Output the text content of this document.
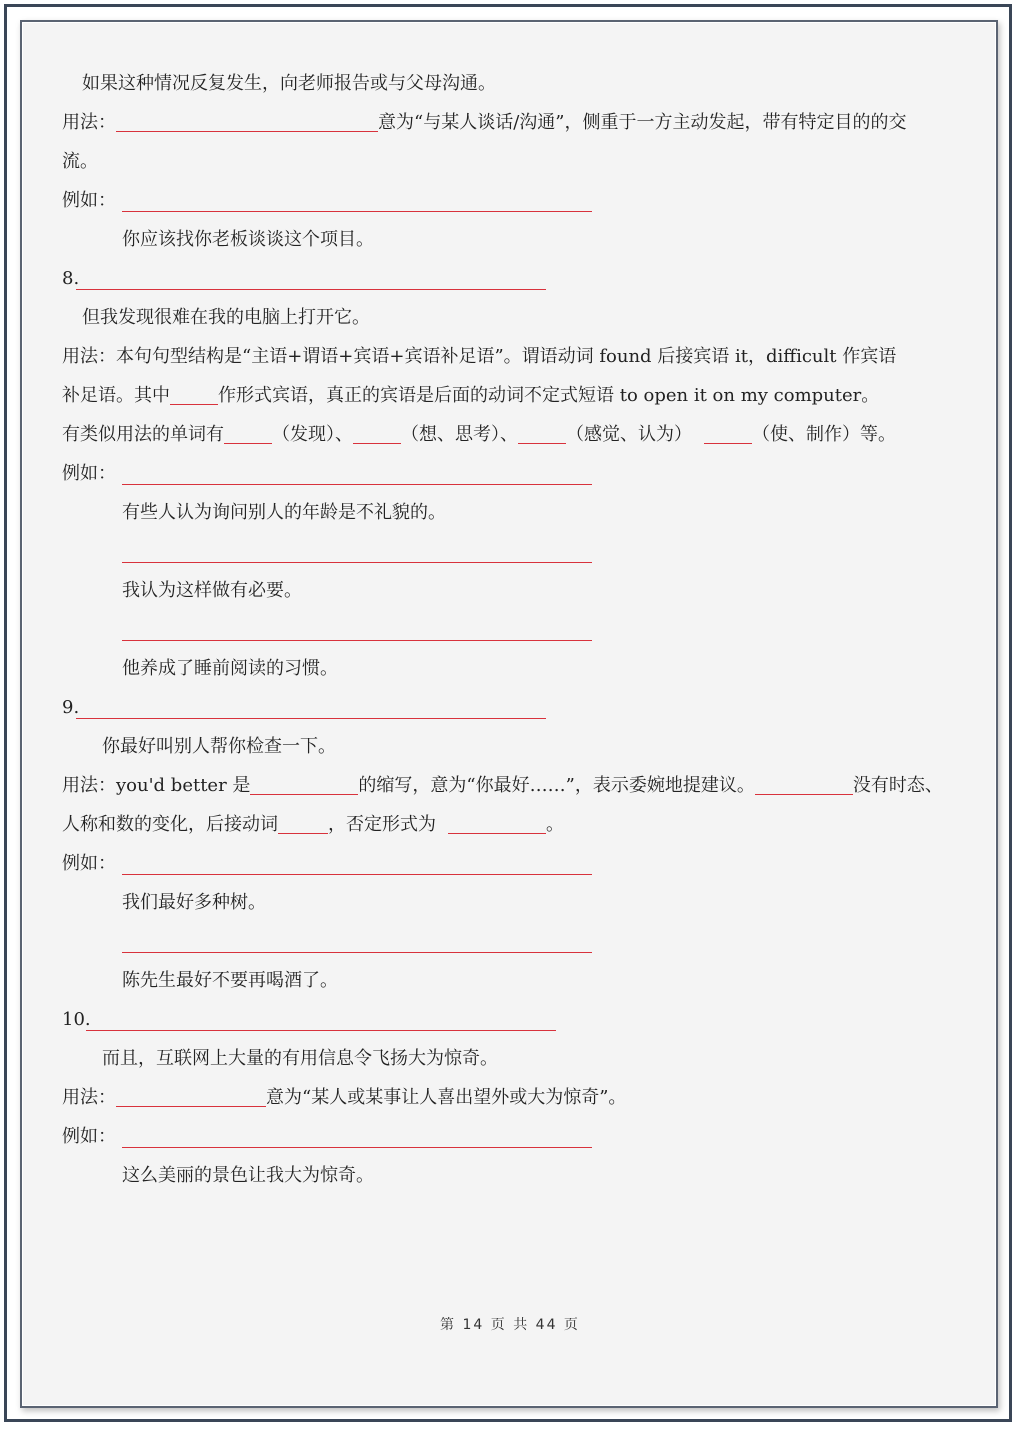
如果这种情况反复发生，向老师报告或与父母沟通。
用法：	意为“与某人谈话/沟通”，侧重于一方主动发起，带有特定目的的交
流。
例如：
你应该找你老板谈谈这个项目。
8.
但我发现很难在我的电脑上打开它。
用法：本句句型结构是“主语+谓语+宾语+宾语补足语”。谓语动词 found 后接宾语 it，difficult 作宾语
补足语。其中	作形式宾语，真正的宾语是后面的动词不定式短语 to open it on my computer。
有类似用法的单词有	（发现）、	（想、思考）、	（感觉、认为）	（使、制作）等。
例如：
有些人认为询问别人的年龄是不礼貌的。
我认为这样做有必要。
他养成了睡前阅读的习惯。
9.
你最好叫别人帮你检查一下。
用法：you'd better 是	的缩写，意为“你最好……”，表示委婉地提建议。	没有时态、
人称和数的变化，后接动词	，否定形式为	。
例如：
我们最好多种树。
陈先生最好不要再喝酒了。
10.
而且，互联网上大量的有用信息令飞扬大为惊奇。
用法：	意为“某人或某事让人喜出望外或大为惊奇”。
例如：
这么美丽的景色让我大为惊奇。
第 14 页 共 44 页
